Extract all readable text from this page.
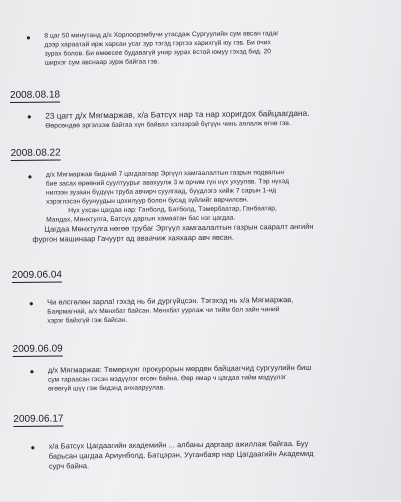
• 8 цаг 50 минутанд д/х Хорлоорэмбүчи утасдаж Сургуулийн сум авсан гадаг
дээр хараатай ирж харсан усаг зур тэгэд гэртээ харихгүй юу гэв. Би очих
зурах болов. Би өмөесее будавагүй унир зурах ёстой юмуу гэхэд бид. 20
ширхэг сум авснаар зурж байгаа гэв.
2008.08.18
• 23 цагт д/х Мягмаржав, х/а Батсүх нар та нар хоригдох байцаагдана.
Өөрсөндөө эргэлзэж байгаа хүн байвал хэлээрэй бүгүүн чинь аялалж өгнө гэв.
2008.08.22
• д/х Мягмаржав бидний 7 цагдаагаар Эргүүл хамгаалалтын газрын подвалын
бие засах өрөөний суултуурыг авахуулж 3 м орчим гүн нүх ухуулав. Тэр нүхэд
нилээн зузаан бүдүүн труба авчирч суулгаад, бүүдлэгэ хийж 7 сарын 1-нд
хэрэглэсэн буунуудын цохилуур болон бусад зүйлийг өөрчилсөн.
Нүх ухсан цагдаа нар: Ганболд, Батболд, Тэмербаатар, Ганбаатар,
Мандах, Мөнхтулга, Батсүх даргын хамаатан бас нэг цагдаа.
Цагдаа Мөнхтулга нөгөө трубаг Эргүүл хамгаалалтын газрын сааралт ангийн
фургон машинаар Гачуурт ад аваачиж хаяхаар авч явсан.
2009.06.04
• Чи өлсгөлөн зарла! гэхэд нь би дургүйцсэн. Тэгэхэд нь х/а Мягмаржав,
Баярмагнай, а/х Мөнхбат байсан. Мөнхбат уурлаж чи тийм бол зайн чиний
хэрэг байхгүй гэж байсан.
2009.06.09
• д/х Мягмаржав: Төмөрхуяг прокурорын мөрдөн байцаагчид сургуулийн биш
сум тарааcан гэсэн мэдүүлэг өгсөн байна. Өөр ямар ч цагдаа тийм мэдүүлэг
өгөөгүй шүү гэж бидэнд анхааруулав.
2009.06.17
• х/а Батсүх Цагдаагийн академийн ... албаны даргаар ажиллаж байгаа. Буу
барьсан цагдаа Ариунболд, Батцэрэн, Ууганбаяр нар Цагдаагийн Академид
сурч байна.
